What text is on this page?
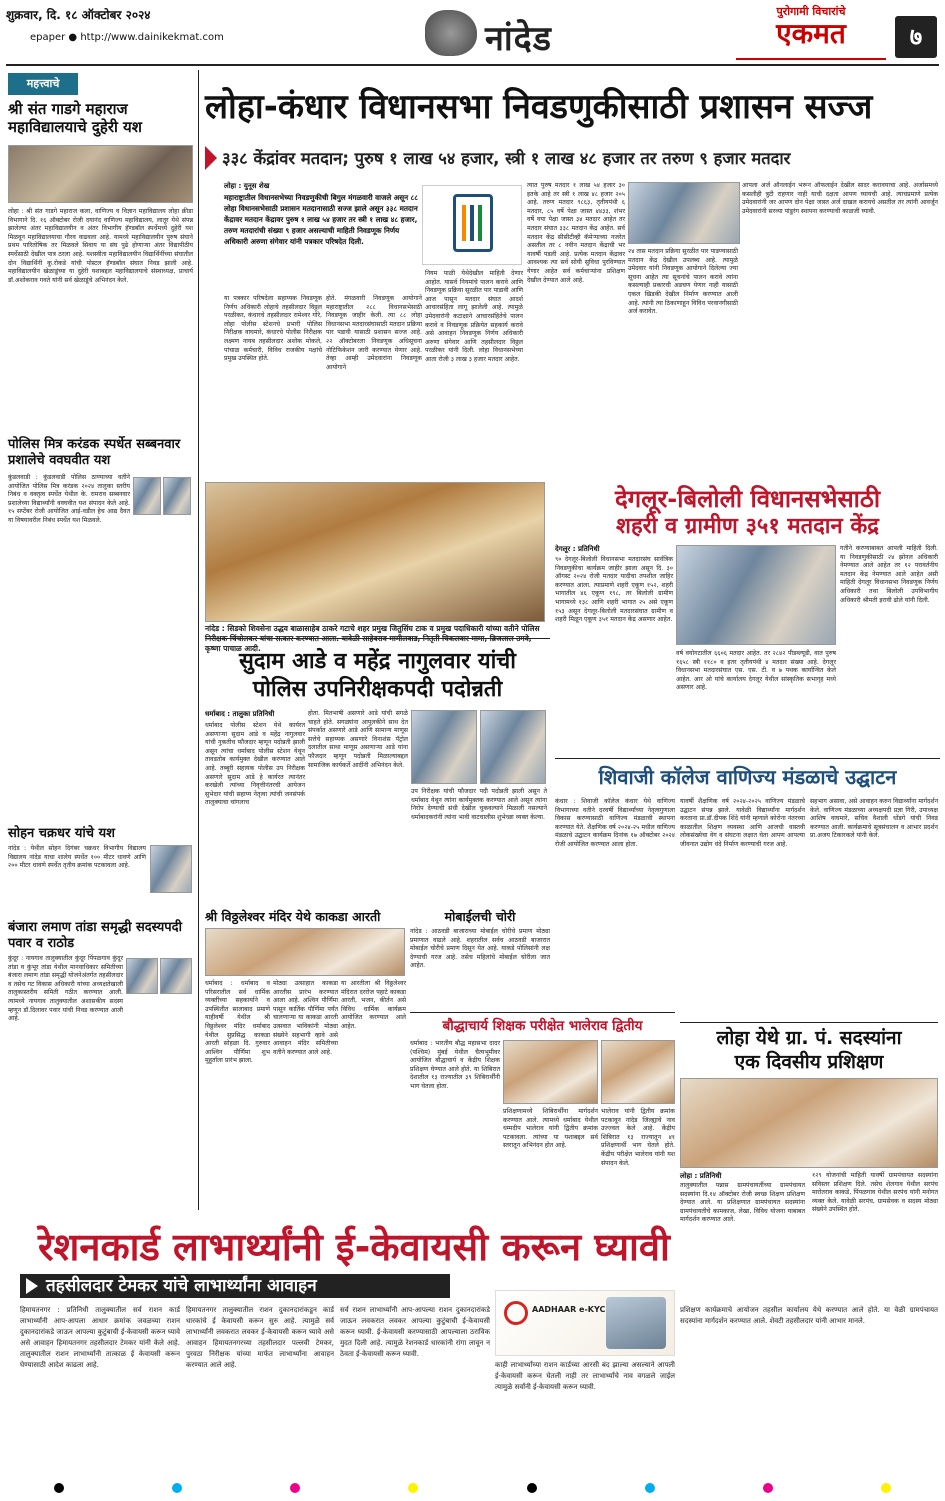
शुक्रवार, दि. १८ ऑक्टोबर २०२४
epaper ● http://www.dainikekmat.com	नांदेड
पुरोगामी विचारांचे
एकमत	७
महत्त्वाचे
श्री संत गाडगे महाराज महाविद्यालयाचे दुहेरी यश
लोहा : श्री संत गाडगे महाराज कला, वाणिज्य व विज्ञान महाविद्यालय लोहा क्रीडा विभागाने दि. १६ ऑक्टोबर रोजी दयानंद वाणिज्य महाविद्यालय, लातूर येथे संपन्न झालेल्या अंतर महाविद्यालयीन व अंतर विभागीय हॅण्डबॉल स्पर्धेमध्ये दुहेरी यश मिळवून महाविद्यालयाचा गौरव वाढवला आहे. यामध्ये महाविद्यालयीन पुरुष संघाने प्रथम पारितोषिक तर मिळवले सिवाय या संघ पुढे होणाऱ्या अंतर विद्यापीठीय स्पर्धेसाठी देखील पात्र ठरला आहे. यशस्वीता महाविद्यालयीन विद्यार्थिनींच्या संघातील दोन विद्यार्थिनी कु.रोकडे यांची पोस्टल हॅण्डबॉल संघात निवड झाली आहे. महाविद्यालयीन खेळाडूंच्या या दुहेरी यशाबद्दल महाविद्यालयाचे संस्थाध्यक्ष, प्राचार्य डॉ.अशोकराव गवते यांनी सर्व खेळाडूंचे अभिनंदन केले.
पोलिस मित्र करंडक स्पर्धेत सब्बनवार प्रशालेचे ववघवीत यश
कुंडलवाडी : कुंडलवाडी पोलिस ठाण्याच्या वतीने आयोजित पोलिस मित्र करंडक २०२४ तालुका स्तरीय निबंध व वक्तृत्व स्पर्धेत येथील के. रामराव सब्बनवार प्रशालेच्या विद्यार्थ्यांनी ववघवीत यश संपादन केले आहे. १५ सप्टेंबर रोजी आयोजित आई-वडील हेच आद्य दैवत या विषयावरील निबंध स्पर्धेत यश मिळवले.
सोहन चक्रधर यांचे यश
नांदेड : येथील सोहन दिगंबर चक्रधर विभागीय विद्यालय विद्यालय नांदेड याचा शालेय स्पर्धेत १०० मीटर धावणे आणि २०० मीटर धावणे स्पर्धेत तृतीय क्रमांक पटकावला आहे.
बंजारा लमाण तांडा समृद्धी सदस्यपदी पवार व राठोड
कुंदूर : नायगाव तालुक्यातील कुंदूर पिंपळगाव कुंदूर तांडा व कुंभूर तांडा येथील मानवाधिकार समितीच्या बंजारा लमाण तांडा समृद्धी योजनेअंतर्गत तहसीलदार व तसेच गट विकास अधिकारी यांच्या अध्यक्षतेखाली तालुकास्तरीय समिती गठीत करण्यात आली. त्यामध्ये नायगाव तालुक्यातील अशासकीय सदस्य म्हणून डॉ.दिलावर पवार यांची निवड करण्यात आली आहे.
लोहा-कंधार विधानसभा निवडणुकीसाठी प्रशासन सज्ज
३३८ केंद्रांवर मतदान; पुरुष १ लाख ५४ हजार, स्त्री १ लाख ४८ हजार तर तरुण ९ हजार मतदार
लोहा : युनूस शेख
महाराष्ट्रातील विधानसभेच्या निवडणुकीची बिगुल मंगळवारी वाजले असून ८८ लोहा विधानसभेसाठी प्रशासन मतदानासाठी सज्ज झाले असून ३३८ मतदान केंद्रावर मतदान केंद्रावर पुरुष १ लाख ५४ हजार तर स्त्री १ लाख ४८ हजार, तरुण मतदारांची संख्या ९ हजार असल्याची माहिती निवडणूक निर्णय अधिकारी अरुणा संगेवार यांनी पत्रकार परिषदेत दिली.
या पत्रकार परिषदेला सहाय्यक निवडणूक निर्णय अधिकारी लोहाचे तहसीलदार विठ्ठल परळीकर, कंधारचे तहसीलदार रामेश्वर गोरे, लोहा पोलीस स्टेशनचे प्रभारी पोलिस निरीक्षक वाघमारे, कंधारचे पोलीस निरीक्षक लक्ष्मण नायब तहसीलदार अशोक मोकले, पांचाळ कर्मचारी, विविध राजकीय पक्षांचे प्रमुख उपस्थित होते.
होते. मंगळवारी निवडणूक आयोगाने महाराष्ट्रातील २८८ विधानसभेसाठी निवडणूक जाहीर केली. त्या ८८ लोहा विधानसभा मतदारसंघासाठी मतदान प्रक्रिया पार पडावी यासाठी प्रशासन सज्ज आहे. २२ ऑक्टोबरला निवडणूक अधिसूचना नोटिफिकेशन जारी करण्यात येणार आहे. तेव्हा आम्ही उमेदवारांना निवडणूक आयोगाने
नियम पाळी येथेदेखील माहिती देणार आहोत. यासर्व नियमांचे पालन करावे आणि निवडणूक प्रक्रिया सुरळीत पार पाडावी आणि आज पासून मतदार संघात आदर्श आचारसंहिता लागू झालेली आहे. त्यामुळे उमेदवारांनी कटाक्षाने आचारसंहितेचे पालन करावे व निवडणूक प्रक्रियेत सहकार्य करावे असे आवाहन निवडणूक निर्णय अधिकारी अरुणा संगेवार आणि तहसीलदार विठ्ठल परळीकर यांनी दिली. लोहा विधानसभेच्या आता रोजी ३ लाख ३ हजार मतदार आहेत.
त्यात पुरुष मतदार १ लाख ५४ हजार ३० इतके आहे तर स्त्री १ लाख ४८ हजार २०५ आहे. तरुण मतदार ९८६३, तृतीयपंथी ६ मतदार, ८५ वर्षे पेक्षा जास्त ४४३३, शंभर वर्षे वया पेक्षा जास्त ३४ मतदार आहेत तर मतदार संघात ३३८ मतदान केंद्र आहेत. सर्व मतदान केंद्र सीसीटीव्ही कॅमेऱ्याच्या नजरेत असतील तर ८ नवीन मतदान केंद्राची भर यावर्षी पडली आहे. प्रत्येक मतदान केंद्रावर आवश्यक त्या सर्व सोयी सुविधा पुरविण्यात येणार आहेत सर्व कर्मचाऱ्यांना प्रशिक्षण देखील देण्यात आले आहे.
२४ तास मतदान प्रक्रिया सुरळीत पार पाडण्यासाठी मतदान केंद्र देखील उपलब्ध आहे. त्यामुळे उमेदवार यांनी निवडणूक आयोगाने दिलेल्या ज्या सूचना आहेत त्या सूचनांचे पालन करावे त्यांना कसल्याही प्रकारची अडचण येणार नाही यासाठी एकल खिडकी देखील निर्माण करण्यात आली आहे. त्यांनी त्या ठिकाणाहून विविध परवानगीसाठी अर्ज करावेत.
आपला अर्ज ऑनलाईन भरून ऑफलाईन देखील सादर करावयाचा आहे. अर्जासमध्ये कसलीही त्रुटी राहणार नाही याची दक्षता आपण घ्यायची आहे. त्याचप्रमाणे प्रत्येक उमेदवारांनी जर आपण दोन पेक्षा जास्त अर्ज दाखल करायचे असतील तर त्यांनी आवर्जून उमेदवारांनी सरव्या पांडुरंग स्थापना करण्याची काळजी घ्यावी.
नांदेड : सिडको शिवसेना उद्धव बाळासाहेब ठाकरे गटाचे शहर प्रमुख जितुसिंघ टाक व प्रमुख पदाधिकारी यांच्या वतीने पोलिस कृष्णा पाचाळ आदी.
देगलूर-बिलोली विधानसभेसाठी
शहरी व ग्रामीण ३५१ मतदान केंद्र
देगलूर : प्रतिनिधी
९० देगलूर-बिलोली विधानसभा मतदारसंघ सार्वत्रिक निवडणुकीचा कार्यक्रम जाहीर झाला असून दि. ३० ऑगस्ट २०२४ रोजी मतदार यादीचा तपशील जाहिर करण्यात आला. त्याप्रमाणे शहरी एकूण १५२, शहरी भागातील ४६ एकूण १९८, तर बिलोली ग्रामीण भागामध्ये १३८ आणि शहरी भागात २५ असे एकूण १५३ असून देगलूर-बिलोली मतदारसंघात ग्रामीण व शहरी मिळून एकूण ३५१ मतदान केंद्र असणार आहेत.
वर्ष वयोगटातील ६६०६ मतदार आहेत. तर २८४२ पीडब्ल्यूडी, वात पुरुष १६५८ स्त्री ११८० व इतर तृतीयपंथी ४ मतदार संख्या आहे. देगलूर विधानसभा मतदारसंघात एस. एस. टी. व ७ पथक कार्यान्वित केले आहेत. आर ओ यांचे कार्यालय देगलूर येथील सांस्कृतिक सभागृह मध्ये असणार आहे.
गतीने करण्याबाबत आपली माहिती दिली. या निवडणुकीसाठी २४ झोनल अधिकारी नेमण्यात आले आहेत तर १२ परावर्तनीय मतदान केंद्र नेमण्यात आले आहेत असी माहिती देगलूर विधानसभा निवडणूक निर्णय अधिकारी तथा बिलोली उपविभागीय अधिकारी श्रीमती इरावी ढोले यांनी दिली.
सुदाम आडे व महेंद्र नागुलवार यांची
पोलिस उपनिरीक्षकपदी पदोन्नती
धर्माबाद : तालुका प्रतिनिधी
धर्माबाद पोलीस स्टेशन येथे कार्यरत असणाऱ्या सुदाम आडे व महेंद्र नागुलवार यांची नुकतीच फौजदार म्हणून पदोन्नती झाली असून त्यांचा धर्माबाद पोलीस स्टेशन येथून तावडतोब कार्यमुक्त देखील करण्यात आले आहे. तब्बूरी सहायक पोलीस उप निरीक्षक असणारे सुदाम आडे हे कार्यरत त्यानंतर करखेली त्यांच्या निवृत्तीनंतरची आयेजन सुभेदार यांची सहाय्य नेतृत्वा त्यांची जनसंपर्क तालुक्याचा चांगलाच
होता. मितभाषी असणारे आडे यांची सगळे चाहते होते. सगळ्यांना आपुलकीने साथ देत संपर्कात असणारे आडे आणि सामान्य माणूस सत्तेचे सहाय्यक असणारे विनाशंस पॅट्रोल दलातील साथा माणूस असणाऱ्या आडे यांना फौजदार म्हणून पदोन्नती मिळाल्याबद्दल सामाजिक कार्यकर्ते आदींनी अभिनंदन केले.
उप निरीक्षक यांची फौजदार पदी पदोन्नती झाली असून ते धर्माबाद येथून त्यांना कार्यमुक्तक करण्यात आले असून त्यांना निरोप देण्याची संधी देखील चुकवल्याने मिळाली नसल्याने धर्माबादकरांनी त्यांना भावी वाटचालीस शुभेच्छा व्यक्त केल्या.
शिवाजी कॉलेज वाणिज्य मंडळाचे उद्घाटन
कंधार : शिवाजी कॉलेज कंधार येथे वाणिज्य विभागाच्या वतीने दरवर्षी विद्यार्थ्यांच्या नेतृत्वगुणाला विकास करण्यासाठी वाणिज्य मंडळाची स्थापना करण्यात येते. शैक्षणिक वर्ष २०२४-२५ मधील वाणिज्य मंडळाचे उद्घाटन कार्यक्रम दिनांक १७ ऑक्टोबर २०२४ रोजी आयोजित करण्यात आला होता.
यावर्षी शैक्षणिक वर्ष २०२४-२०२५ वाणिज्य मंडळाचे उद्घाटन संपन्न झाले. यावेळी विद्यार्थ्यांना मार्गदर्शन करताना प्रा.डॉ.दीपक शिंदे यांनी म्हणाले कोरोना नंतरच्या काळातील शिक्षण व्यवस्था आणि आजची वास्तवी लोकसंख्येचा वेग व संघटना लक्षात घेता आपण आपल्या जीवनात उद्योग धंदे निर्माण करण्याची गरज आहे.
सहभाग असावा, असे आवाहन करुन विद्यार्थ्यांना मार्गदर्शन केले. वाणिज्य मंडळाच्या अध्यक्षपदी प्रज्ञा गिरी, उपाध्यक्ष आशिष वाघमारे, सचिव वैशाली धोंडगे यांची निवड करण्यात आली. कार्यक्रमाचे सूत्रसंचालन व आभार प्रदर्शन प्रा.अजय टिकारकले यांनी केले.
श्री विठ्ठलेश्वर मंदिर येथे काकडा आरती
धर्माबाद : धर्माबाद व परिसरातील सर्व धार्मिक व्यक्तींच्या सहकार्याने व उपस्थितीत सालाबाद प्रमाणे याहीवर्षी येथील श्री विठ्ठलेश्वर मंदिर धर्माबाद येथील सुप्रसिद्ध काकडा आरती सोहळा दि. गुरुवार आश्विन पौर्णिमा शुभ मुहूर्ताला प्रारंभ झाला.
मोठ्या उत्साहात काकडा आरतीस प्रारंभ करण्यात आला आहे. अश्विन पौर्णिमा पासून कार्तिक पौर्णिमा पर्यंत चालणाऱ्या या काकडा आरती उत्सवात भाविकांनी मोठ्या संख्येने सहभागी व्हावे असे आवाहन मंदिर समितीच्या वतीने करण्यात आले आहे.
या आरतीला श्री विठ्ठलेश्वर मंदिरात दररोज पहाटे काकडा आरती, भजन, कीर्तन असे विविध धार्मिक कार्यक्रम आयोजित करण्यात आले आहेत.
मोबाईलची चोरी
नांदेड : आठवडी बाजाराच्या मोबाईल चोरीचे प्रमाण मोठ्या प्रमाणात वाढले आहे. शहरातील सर्वच आठवडी बाजारात मोबाईल चोरीचे प्रमाण दिसून येत आहे. याकडे पोलिसांनी लक्ष देण्याची गरज आहे. तसेच महिलांचे मोबाईल चोरीला जात आहेत.
बौद्धाचार्य शिक्षक परीक्षेत भालेराव द्वितीय
धर्माबाद : भारतीय बौद्ध महासभा दादर (पश्चिम) मुंबई येथील चैत्यभूमीवर आयोजित बौद्धाचार्य व केंद्रीय शिक्षक प्रशिक्षण घेण्यात आले होते. या शिबिरात देशातील १३ राज्यातील ३९ शिबिरार्थींनी भाग घेतला होता.
प्रशिक्षणामध्ये शिबिरार्थींना मार्गदर्शन करण्यात आले. त्यामध्ये धर्माबाद येथील धम्मदीप भालेराव यांनी द्वितीय क्रमांक पटकावला. त्यांच्या या यशाबद्दल सर्व स्तरातून अभिनंदन होत आहे.
भालेराव यांनी द्वितीय क्रमांक पटकावून नांदेड जिल्ह्याचे नाव उज्ज्वल केले आहे. केंद्रीय शिबिरात १३ राज्यातून ४१ प्रशिक्षणार्थी भाग घेतले होते. केंद्रीय परीक्षेत भालेराव यांनी यश संपादन केले.
लोहा येथे ग्रा. पं. सदस्यांना
एक दिवसीय प्रशिक्षण
लोहा : प्रतिनिधी
तालुक्यातील पन्नास ग्रामपंचायतींच्या ग्रामपंचायत सदस्यांना दि.१४ ऑक्टोबर रोजी स्वच्छ शिक्षण प्रशिक्षण देण्यात आले. या प्रशिक्षणात ग्रामपंचायत सदस्यांना ग्रामपंचायतीचे कामकाज, लेखा, विविध योजना याबाबत मार्गदर्शन करण्यात आले.
१२९ योजनांची माहिती यावर्षी ग्रामपंचायत सदस्यांना सविस्तर प्रशिक्षण दिले. तसेच शेलगाव येथील सरपंच मारोतराव काकडे, पिंपळगाव येथील सरपंच यांनी मनोगत व्यक्त केले. यावेळी सरपंच, ग्रामसेवक व सदस्य मोठ्या संख्येने उपस्थित होते.
रेशनकार्ड लाभार्थ्यांनी ई-केवायसी करून घ्यावी
तहसीलदार टेमकर यांचे लाभार्थ्यांना आवाहन
हिमायतनगर : प्रतिनिधी तालुक्यातील सर्व राशन कार्ड लाभार्थ्यांनी आप-आपला आधार क्रमांक जवळच्या राशन दुकानदारांकडे जाऊन आपल्या कुटुंबाची ई-केवायसी करून घ्यावे असे आवाहन हिमायतनगर तहसीलदार टेमकर यांनी केले आहे. तालुक्यातील राशन लाभार्थ्यांनी तात्काळ ई केवायसी करून घेण्यासाठी आदेश काढला आहे.
हिमायतनगर तालुक्यातील राशन दुकानदारांकडून कार्ड धारकांचे ई केवायसी करून सुरु आहे. त्यामुळे सर्व लाभार्थ्यांनी लवकरात लवकर ई-केवायसी करून घ्यावे असे आवाहन हिमायतनगरच्या तहसीलदार पल्लवी टेमकर, पुरवठा निरीक्षक यांच्या मार्फत लाभार्थ्यांना आवाहन करण्यात आले आहे.
सर्व राशन लाभार्थ्यांनी आप-आपल्या राशन दुकानदारांकडे जाऊन लवकरात लवकर आपल्या कुटुंबाची ई-केवायसी करून घ्यावी. ई-केवायसी करण्यासाठी आपल्याला ठराविक मुदत दिली आहे. त्यामुळे रेशनकार्ड धारकांनी रांगा लावून न ठेवता ई-केवायसी करून घ्यावी.
AADHAAR e-KYC
काही लाभार्थ्यांच्या राशन कार्डच्या आरसी बंद झाल्या असल्याने आपली ई-केवायसी करून घेतली नाही तर लाभार्थ्यांचे नाव वगळले जाईल त्यामुळे सर्वांनी ई-केवायसी करून घ्यावी.
प्रशिक्षण कार्यक्रमाचे आयोजन तहसील कार्यालय येथे करण्यात आले होते. या वेळी ग्रामपंचायत सदस्यांना मार्गदर्शन करण्यात आले. शेवटी तहसीलदार यांनी आभार मानले.
